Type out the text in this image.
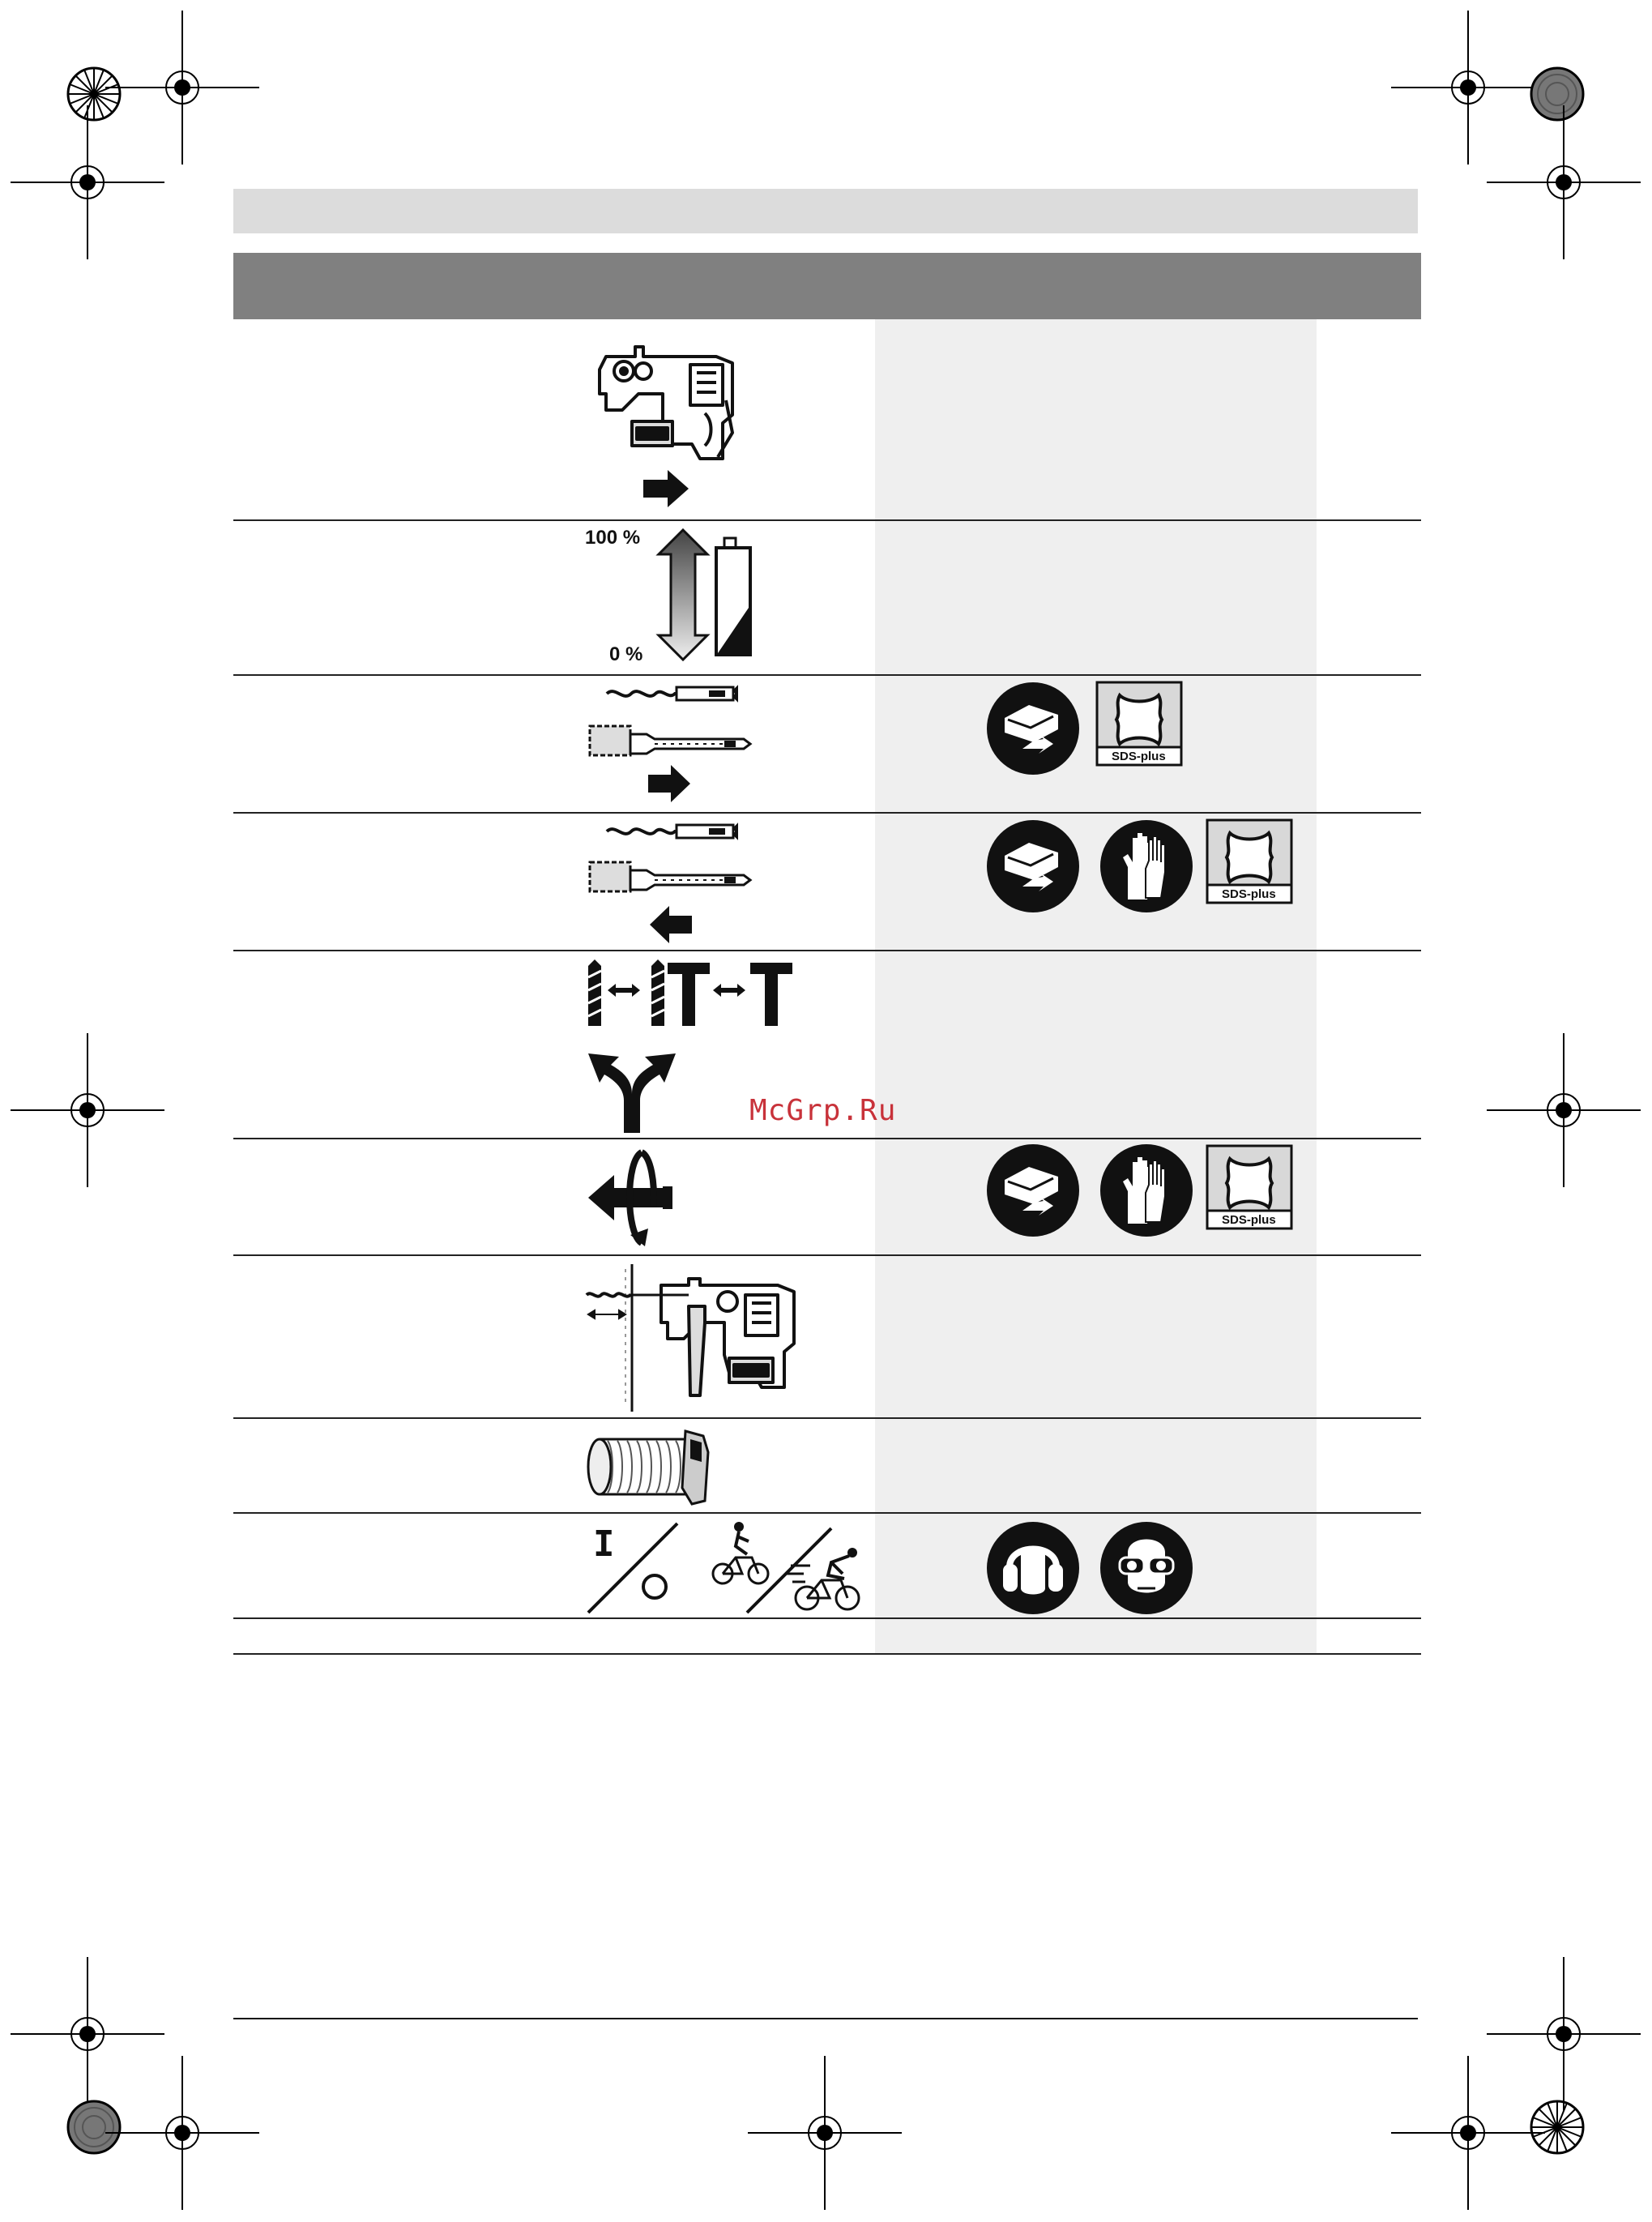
100 %
0 %
SDS-plus
SDS-plus
McGrp.Ru
SDS-plus
I
